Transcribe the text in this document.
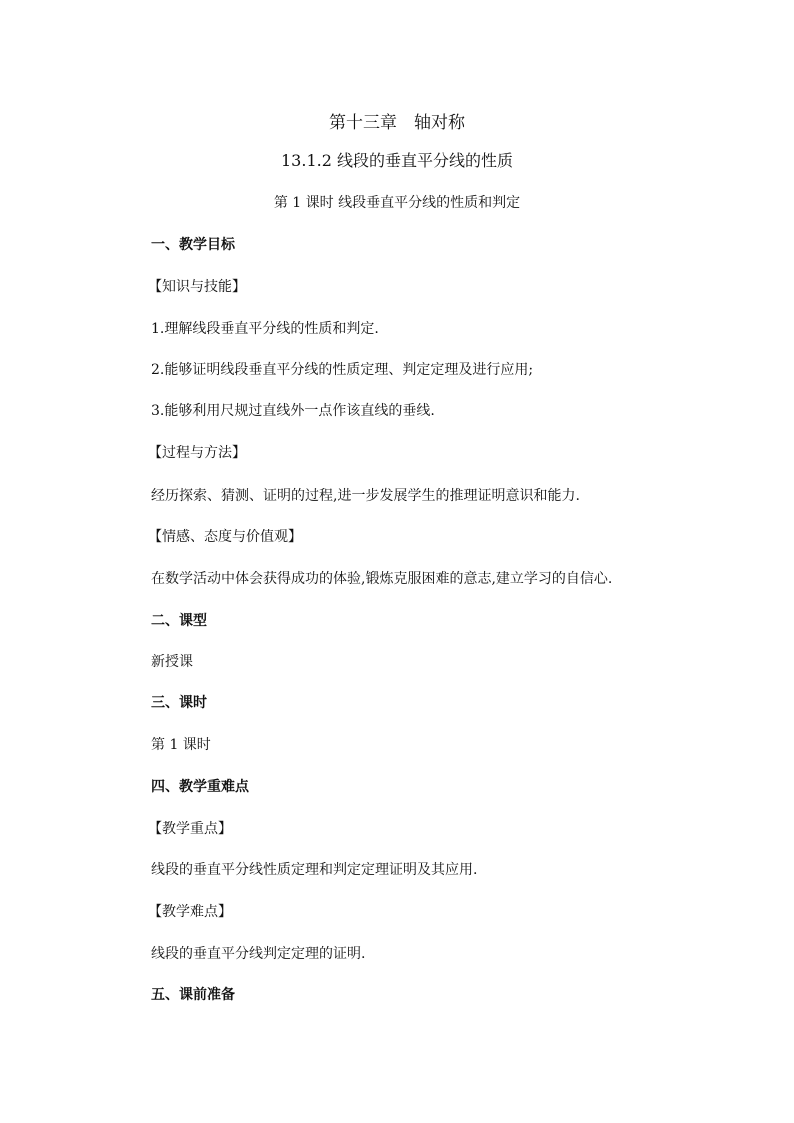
第十三章　轴对称
13.1.2 线段的垂直平分线的性质
第 1 课时 线段垂直平分线的性质和判定
一、教学目标
【知识与技能】
1.理解线段垂直平分线的性质和判定.
2.能够证明线段垂直平分线的性质定理、判定定理及进行应用;
3.能够利用尺规过直线外一点作该直线的垂线.
【过程与方法】
经历探索、猜测、证明的过程,进一步发展学生的推理证明意识和能力.
【情感、态度与价值观】
在数学活动中体会获得成功的体验,锻炼克服困难的意志,建立学习的自信心.
二、课型
新授课
三、课时
第 1 课时
四、教学重难点
【教学重点】
线段的垂直平分线性质定理和判定定理证明及其应用.
【教学难点】
线段的垂直平分线判定定理的证明.
五、课前准备
